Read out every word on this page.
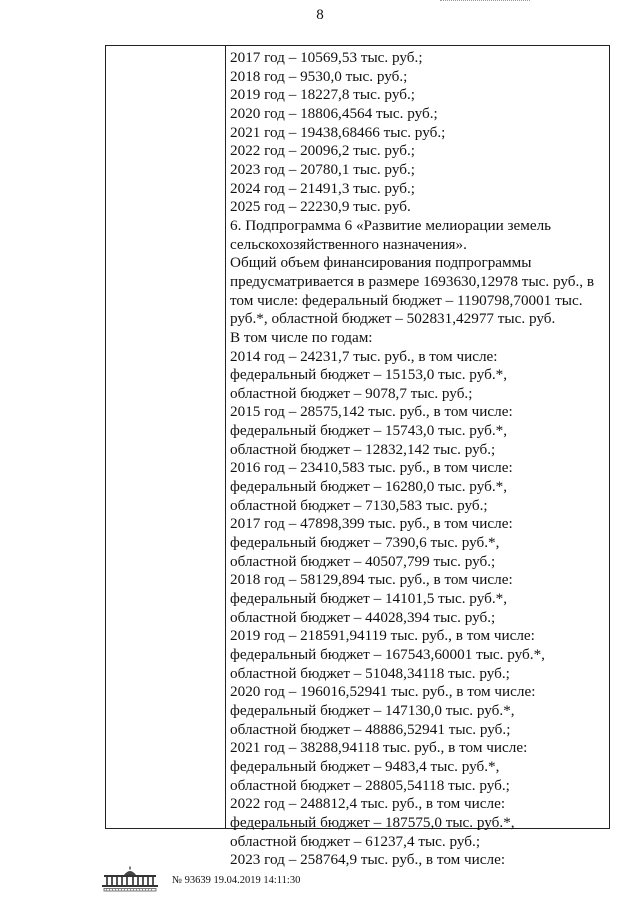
8
2017 год – 10569,53 тыс. руб.;
2018 год – 9530,0 тыс. руб.;
2019 год – 18227,8 тыс. руб.;
2020 год – 18806,4564 тыс. руб.;
2021 год – 19438,68466 тыс. руб.;
2022 год – 20096,2 тыс. руб.;
2023 год – 20780,1 тыс. руб.;
2024 год – 21491,3 тыс. руб.;
2025 год – 22230,9 тыс. руб.
6. Подпрограмма 6 «Развитие мелиорации земель
сельскохозяйственного назначения».
Общий объем финансирования подпрограммы
предусматривается в размере 1693630,12978 тыс. руб., в
том числе: федеральный бюджет – 1190798,70001 тыс.
руб.*, областной бюджет – 502831,42977 тыс. руб.
В том числе по годам:
2014 год – 24231,7 тыс. руб., в том числе:
федеральный бюджет – 15153,0 тыс. руб.*,
областной бюджет – 9078,7 тыс. руб.;
2015 год – 28575,142 тыс. руб., в том числе:
федеральный бюджет – 15743,0 тыс. руб.*,
областной бюджет – 12832,142 тыс. руб.;
2016 год – 23410,583 тыс. руб., в том числе:
федеральный бюджет – 16280,0 тыс. руб.*,
областной бюджет – 7130,583 тыс. руб.;
2017 год – 47898,399 тыс. руб., в том числе:
федеральный бюджет – 7390,6 тыс. руб.*,
областной бюджет – 40507,799 тыс. руб.;
2018 год – 58129,894 тыс. руб., в том числе:
федеральный бюджет – 14101,5 тыс. руб.*,
областной бюджет – 44028,394 тыс. руб.;
2019 год – 218591,94119 тыс. руб., в том числе:
федеральный бюджет – 167543,60001 тыс. руб.*,
областной бюджет – 51048,34118 тыс. руб.;
2020 год – 196016,52941 тыс. руб., в том числе:
федеральный бюджет – 147130,0 тыс. руб.*,
областной бюджет – 48886,52941 тыс. руб.;
2021 год – 38288,94118 тыс. руб., в том числе:
федеральный бюджет – 9483,4 тыс. руб.*,
областной бюджет – 28805,54118 тыс. руб.;
2022 год – 248812,4 тыс. руб., в том числе:
федеральный бюджет – 187575,0 тыс. руб.*,
областной бюджет – 61237,4 тыс. руб.;
2023 год – 258764,9 тыс. руб., в том числе:
№ 93639 19.04.2019 14:11:30
